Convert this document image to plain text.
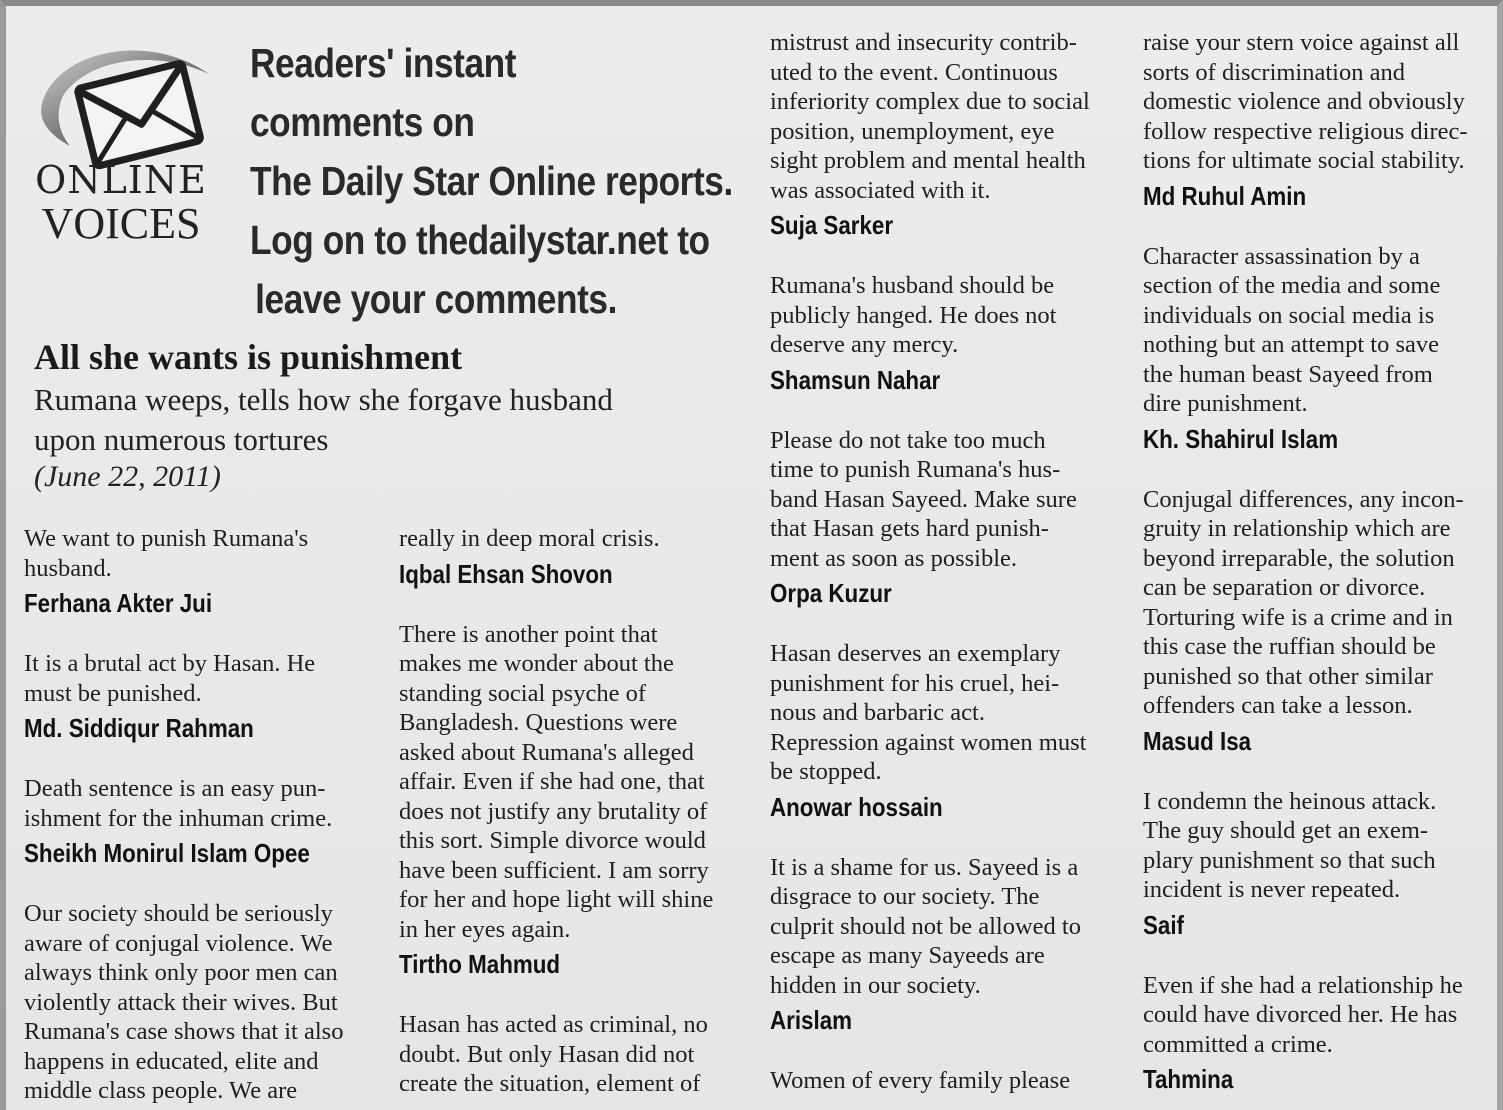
ONLINE
VOICES
Readers' instant
comments on
The Daily Star Online reports.
Log on to thedailystar.net to
leave your comments.
All she wants is punishment
Rumana weeps, tells how she forgave husband
upon numerous tortures
(June 22, 2011)

We want to punish Rumana's
husband.

Ferhana Akter Jui

It is a brutal act by Hasan. He
must be punished.

Md. Siddiqur Rahman

Death sentence is an easy pun-
ishment for the inhuman crime.

Sheikh Monirul Islam Opee

Our society should be seriously
aware of conjugal violence. We
always think only poor men can
violently attack their wives. But
Rumana's case shows that it also
happens in educated, elite and
middle class people. We are

really in deep moral crisis.

Iqbal Ehsan Shovon

There is another point that
makes me wonder about the
standing social psyche of
Bangladesh. Questions were
asked about Rumana's alleged
affair. Even if she had one, that
does not justify any brutality of
this sort. Simple divorce would
have been sufficient. I am sorry
for her and hope light will shine
in her eyes again.

Tirtho Mahmud

Hasan has acted as criminal, no
doubt. But only Hasan did not
create the situation, element of

mistrust and insecurity contrib-
uted to the event. Continuous
inferiority complex due to social
position, unemployment, eye
sight problem and mental health
was associated with it.

Suja Sarker

Rumana's husband should be
publicly hanged. He does not
deserve any mercy.

Shamsun Nahar

Please do not take too much
time to punish Rumana's hus-
band Hasan Sayeed. Make sure
that Hasan gets hard punish-
ment as soon as possible.

Orpa Kuzur

Hasan deserves an exemplary
punishment for his cruel, hei-
nous and barbaric act.
Repression against women must
be stopped.

Anowar hossain

It is a shame for us. Sayeed is a
disgrace to our society. The
culprit should not be allowed to
escape as many Sayeeds are
hidden in our society.

Arislam

Women of every family please

raise your stern voice against all
sorts of discrimination and
domestic violence and obviously
follow respective religious direc-
tions for ultimate social stability.

Md Ruhul Amin

Character assassination by a
section of the media and some
individuals on social media is
nothing but an attempt to save
the human beast Sayeed from
dire punishment.

Kh. Shahirul Islam

Conjugal differences, any incon-
gruity in relationship which are
beyond irreparable, the solution
can be separation or divorce.
Torturing wife is a crime and in
this case the ruffian should be
punished so that other similar
offenders can take a lesson.

Masud Isa

I condemn the heinous attack.
The guy should get an exem-
plary punishment so that such
incident is never repeated.

Saif

Even if she had a relationship he
could have divorced her. He has
committed a crime.

Tahmina
